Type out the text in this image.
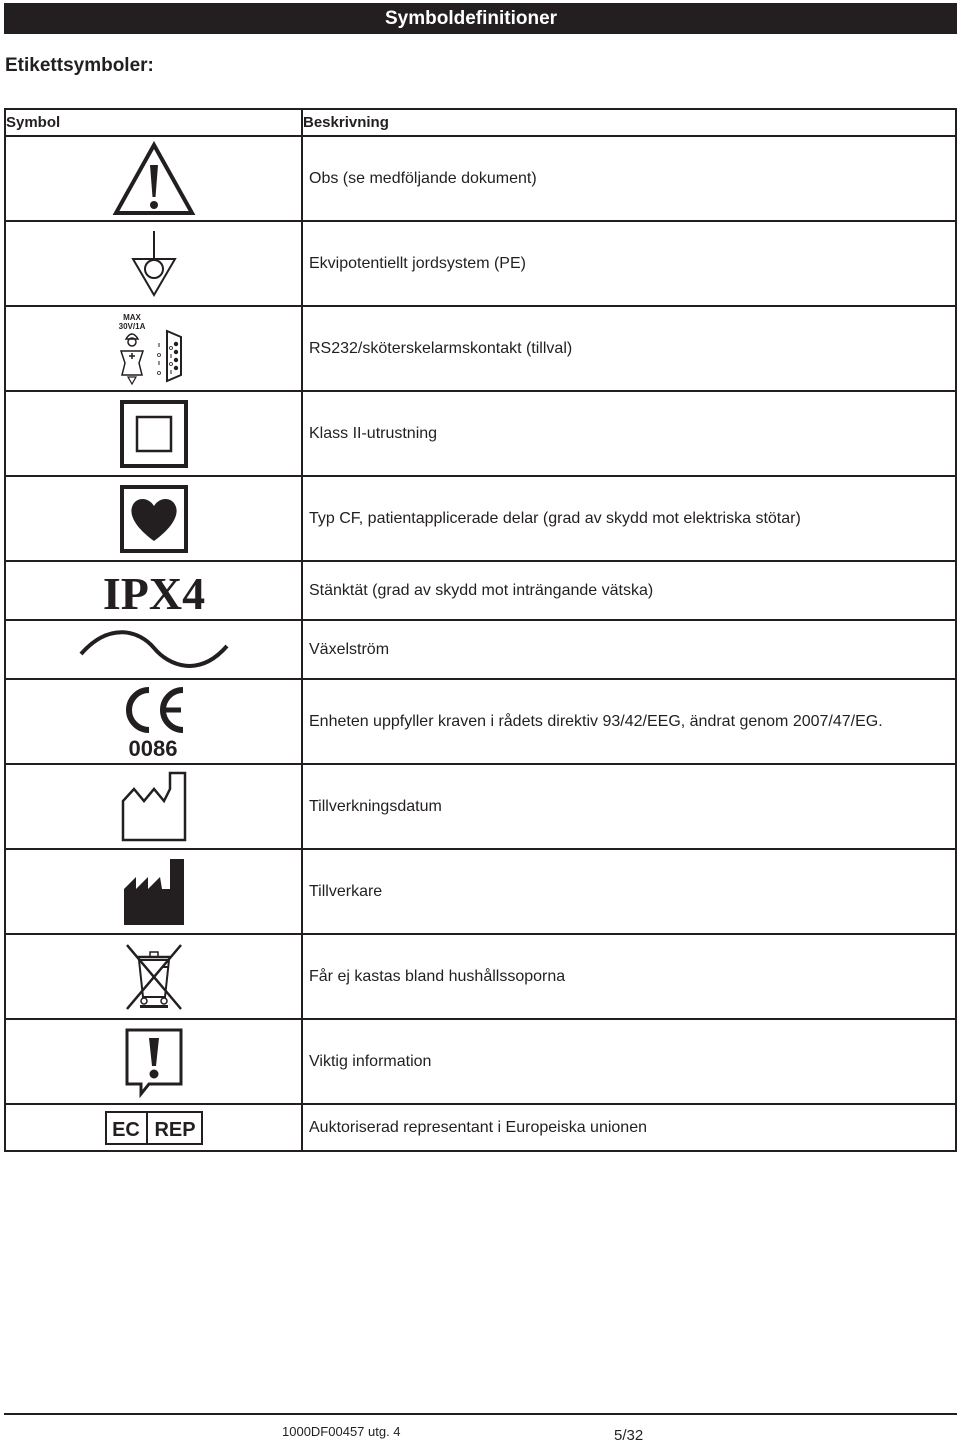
Symboldefinitioner
Etikettsymboler:
Symbol	Beskrivning

	Obs (se medföljande dokument)

	Ekvipotentiellt jordsystem (PE)

MAX
30V/1A	RS232/sköterskelarmskontakt (tillval)

	Klass II-utrustning

	Typ CF, patientapplicerade delar (grad av skydd mot elektriska stötar)

IPX4	Stänktät (grad av skydd mot inträngande vätska)

	Växelström

0086	Enheten uppfyller kraven i rådets direktiv 93/42/EEG, ändrat genom 2007/47/EG.

	Tillverkningsdatum

	Tillverkare

	Får ej kastas bland hushållssoporna

	Viktig information

EC REP	Auktoriserad representant i Europeiska unionen
1000DF00457 utg. 4	5/32
